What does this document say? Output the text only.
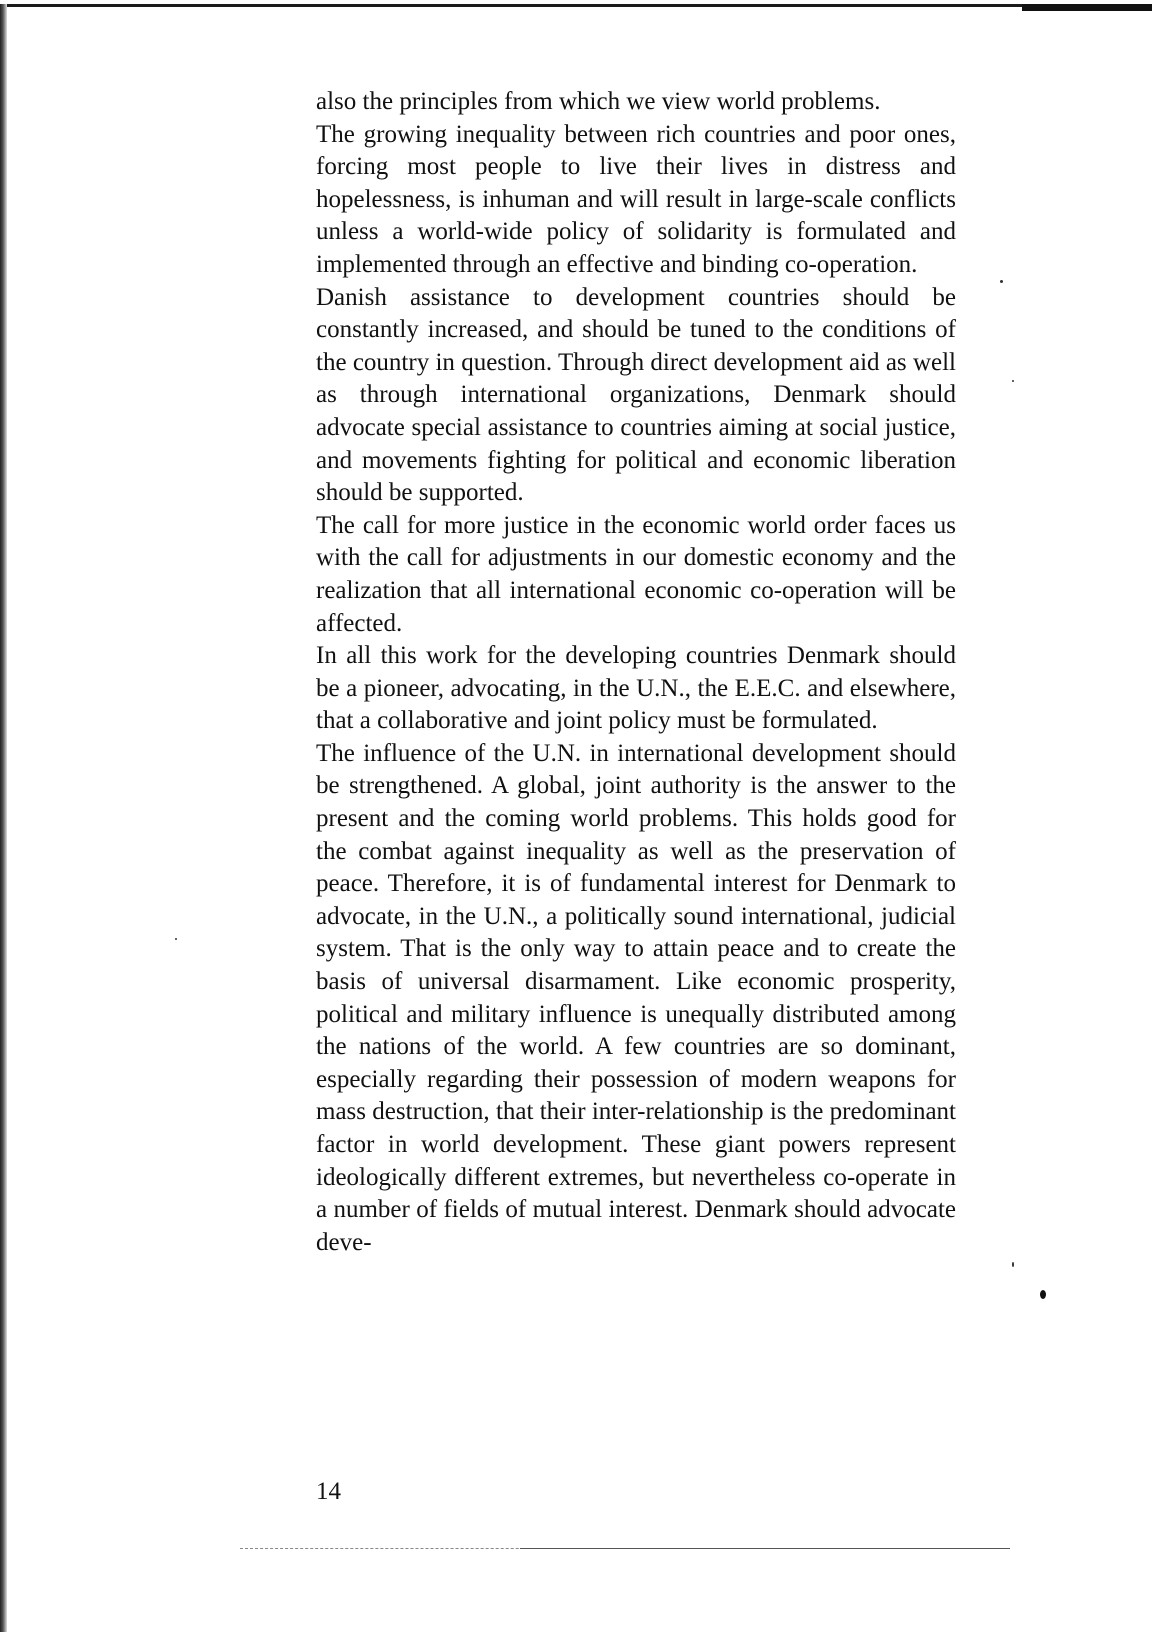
also the principles from which we view world problems.

The growing inequality between rich countries and poor ones, forcing most people to live their lives in distress and hopelessness, is inhuman and will result in large-scale conflicts unless a world-wide policy of solidarity is formulated and implemented through an effective and binding co-operation.

Danish assistance to development countries should be constantly increased, and should be tuned to the conditions of the country in question. Through direct development aid as well as through international organizations, Denmark should advocate special assistance to countries aiming at social justice, and movements fighting for political and economic liberation should be supported.

The call for more justice in the economic world order faces us with the call for adjustments in our domestic economy and the realization that all international economic co-operation will be affected.

In all this work for the developing countries Denmark should be a pioneer, advocating, in the U.N., the E.E.C. and elsewhere, that a collaborative and joint policy must be formulated.

The influence of the U.N. in international development should be strengthened. A global, joint authority is the answer to the present and the coming world problems. This holds good for the combat against inequality as well as the preservation of peace. Therefore, it is of fundamental interest for Denmark to advocate, in the U.N., a politically sound international, judicial system. That is the only way to attain peace and to create the basis of universal disarmament. Like economic prosperity, political and military influence is unequally distributed among the nations of the world. A few countries are so dominant, especially regarding their possession of modern weapons for mass destruction, that their inter-relationship is the predominant factor in world development. These giant powers represent ideologically different extremes, but nevertheless co-operate in a number of fields of mutual interest. Denmark should advocate deve-

14
